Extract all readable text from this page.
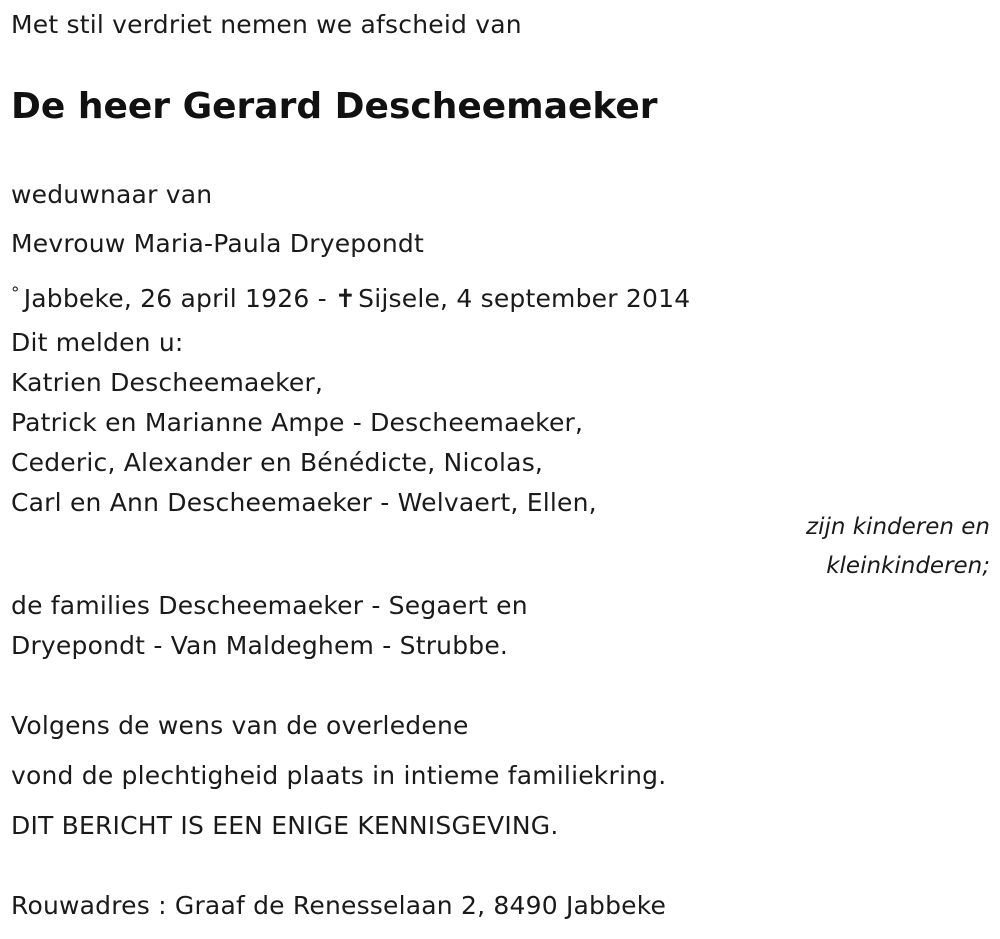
Met stil verdriet nemen we afscheid van
De heer Gerard Descheemaeker
weduwnaar van
Mevrouw Maria-Paula Dryepondt
° Jabbeke, 26 april 1926 - ✝Sijsele, 4 september 2014
Dit melden u:
Katrien Descheemaeker,
Patrick en Marianne Ampe - Descheemaeker,
Cederic, Alexander en Bénédicte, Nicolas,
Carl en Ann Descheemaeker - Welvaert, Ellen,
zijn kinderen en
kleinkinderen;
de families Descheemaeker - Segaert en
Dryepondt - Van Maldeghem - Strubbe.
Volgens de wens van de overledene
vond de plechtigheid plaats in intieme familiekring.
DIT BERICHT IS EEN ENIGE KENNISGEVING.
Rouwadres : Graaf de Renesselaan 2, 8490 Jabbeke
